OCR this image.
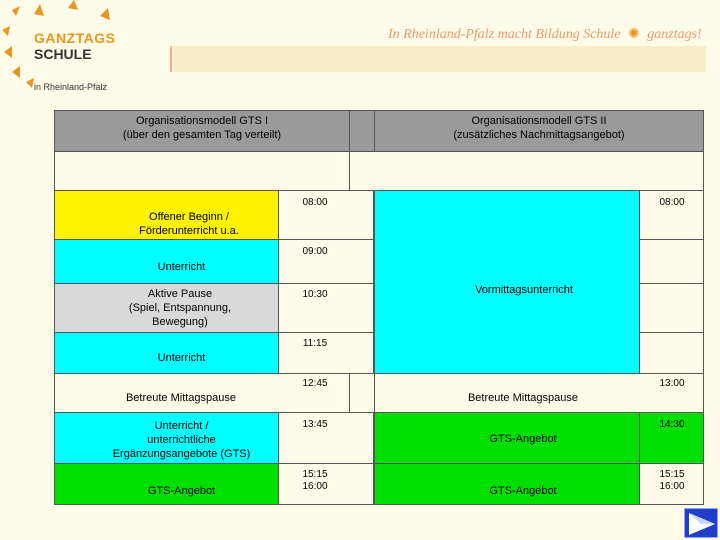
GANZTAGS
SCHULE
in Rheinland-Pfalz
In Rheinland-Pfalz macht Bildung Schule ✺ ganztags!
Organisationsmodell GTS I
(über den gesamten Tag verteilt)
Organisationsmodell GTS II
(zusätzliches Nachmittagsangebot)
Offener Beginn /
Förderunterricht u.a.
Unterricht
Aktive Pause
(Spiel, Entspannung,
Bewegung)
Unterricht
Betreute Mittagspause
Unterricht /
unterrichtliche
Ergänzungsangebote (GTS)
GTS-Angebot
08:00
09:00
10:30
11:15
12:45
13:45
15:15
16:00
Vormittagsunterricht
Betreute Mittagspause
GTS-Angebot
GTS-Angebot
08:00
13:00
14:30
15:15
16:00
